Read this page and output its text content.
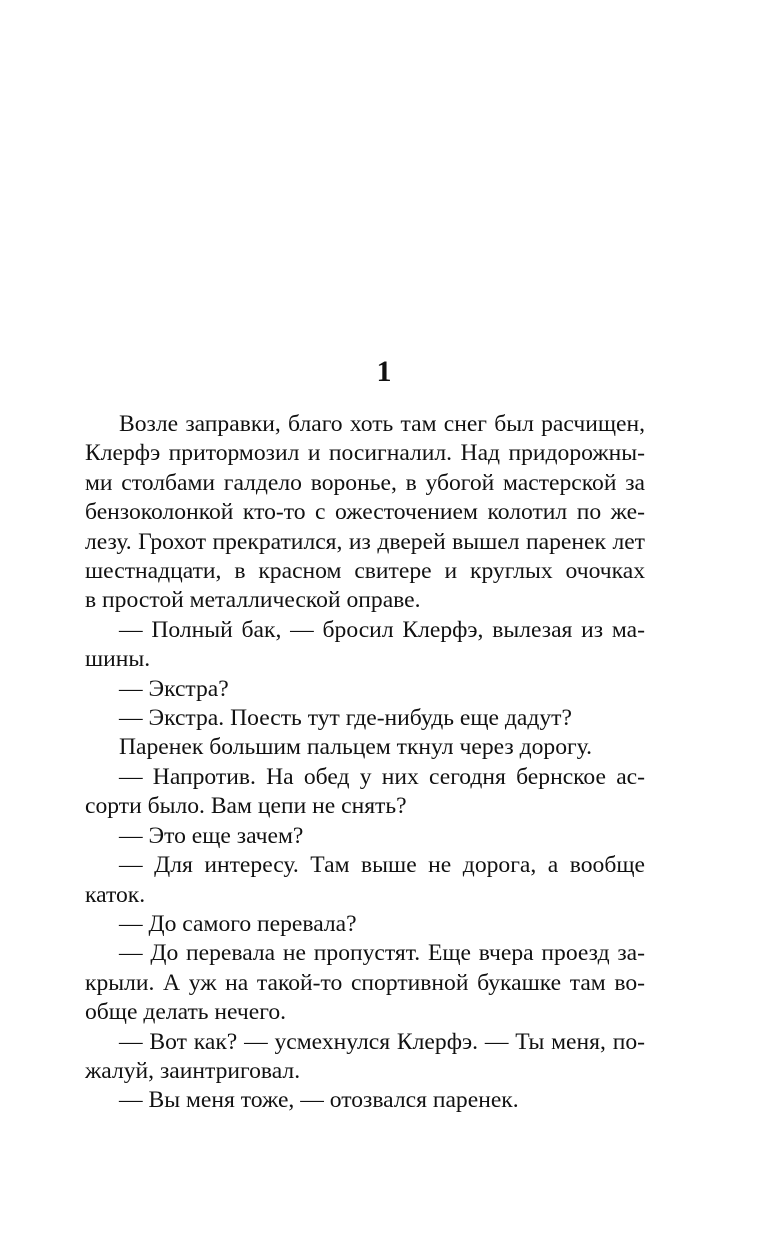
1
Возле заправки, благо хоть там снег был расчищен,
Клерфэ притормозил и посигналил. Над придорожны-
ми столбами галдело воронье, в убогой мастерской за
бензоколонкой кто-то с ожесточением колотил по же-
лезу. Грохот прекратился, из дверей вышел паренек лет
шестнадцати, в красном свитере и круглых очочках
в простой металлической оправе.
— Полный бак, — бросил Клерфэ, вылезая из ма-
шины.
— Экстра?
— Экстра. Поесть тут где-нибудь еще дадут?
Паренек большим пальцем ткнул через дорогу.
— Напротив. На обед у них сегодня бернское ас-
сорти было. Вам цепи не снять?
— Это еще зачем?
— Для интересу. Там выше не дорога, а вообще
каток.
— До самого перевала?
— До перевала не пропустят. Еще вчера проезд за-
крыли. А уж на такой-то спортивной букашке там во-
обще делать нечего.
— Вот как? — усмехнулся Клерфэ. — Ты меня, по-
жалуй, заинтриговал.
— Вы меня тоже, — отозвался паренек.
